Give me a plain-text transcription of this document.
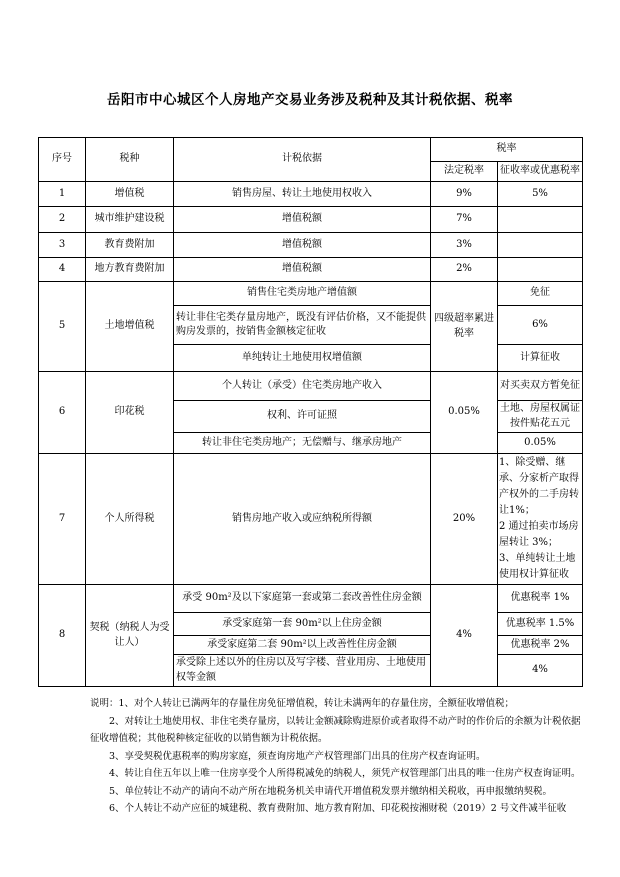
岳阳市中心城区个人房地产交易业务涉及税种及其计税依据、税率
序号	税种	计税依据	税率	
			法定税率	征收率或优惠税率
1	增值税	销售房屋、转让土地使用权收入	9%	5%
2	城市维护建设税	增值税额	7%	
3	教育费附加	增值税额	3%	
4	地方教育费附加	增值税额	2%	
5	土地增值税	销售住宅类房地产增值额	四级超率累进税率	免征
		转让非住宅类存量房地产，既没有评估价格，又不能提供购房发票的，按销售金额核定征收		6%
		单纯转让土地使用权增值额		计算征收
6	印花税	个人转让（承受）住宅类房地产收入	0.05%	对买卖双方暂免征
		权利、许可证照		土地、房屋权属证按件贴花五元
		转让非住宅类房地产；无偿赠与、继承房地产		0.05%
7	个人所得税	销售房地产收入或应纳税所得额	20%	1、除受赠、继承、分家析产取得产权外的二手房转让1%；
2 通过拍卖市场房屋转让 3%；
3、单纯转让土地使用权计算征收

8	契税（纳税人为受让人）	承受 90m²及以下家庭第一套或第二套改善性住房金额	4%	优惠税率 1%
		承受家庭第一套 90m²以上住房金额		优惠税率 1.5%
		承受家庭第二套 90m²以上改善性住房金额		优惠税率 2%
		承受除上述以外的住房以及写字楼、营业用房、土地使用权等金额		4%

说明：1、对个人转让已满两年的存量住房免征增值税，转让未满两年的存量住房，全额征收增值税；

2、对转让土地使用权、非住宅类存量房，以转让金额减除购进原价或者取得不动产时的作价后的余额为计税依据征收增值税；其他税种核定征收的以销售额为计税依据。

3、享受契税优惠税率的购房家庭，须查询房地产产权管理部门出具的住房产权查询证明。

4、转让自住五年以上唯一住房享受个人所得税减免的纳税人，须凭产权管理部门出具的唯一住房产权查询证明。

5、单位转让不动产的请向不动产所在地税务机关申请代开增值税发票并缴纳相关税收，再申报缴纳契税。

6、个人转让不动产应征的城建税、教育费附加、地方教育附加、印花税按湘财税（2019）2 号文件减半征收
